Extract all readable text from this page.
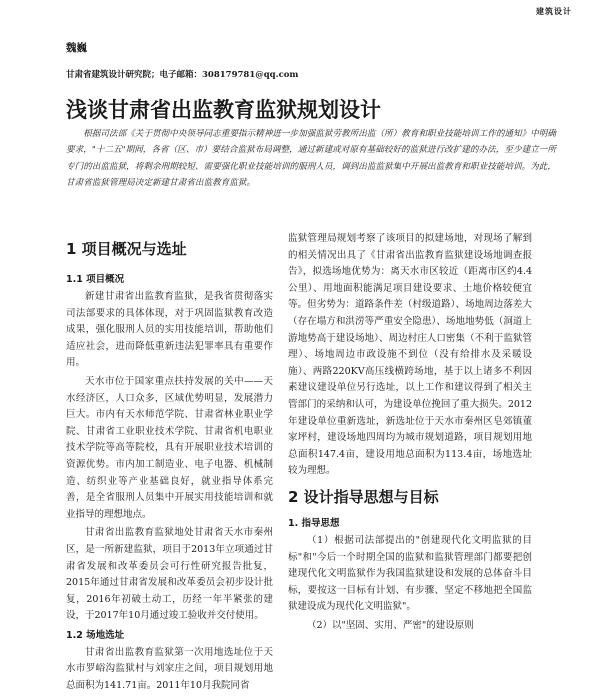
建筑设计
魏巍
甘肃省建筑设计研究院；电子邮箱：308179781@qq.com
浅谈甘肃省出监教育监狱规划设计

根据司法部《关于贯彻中央领导同志重要指示精神进一步加强监狱劳教所出监（所）教育和职业技能培训工作的通知》中明确要求，"十二五"期间，各省（区、市）要结合监狱布局调整，通过新建或对原有基础较好的监狱进行改扩建的办法，至少建立一所专门的出监监狱，将剩余刑期较短、需要强化职业技能培训的服刑人员，调到出监监狱集中开展出监教育和职业技能培训。为此，甘肃省监狱管理局决定新建甘肃省出监教育监狱。

1 项目概况与选址
1.1 项目概况

新建甘肃省出监教育监狱，是我省贯彻落实司法部要求的具体体现，对于巩固监狱教育改造成果，强化服刑人员的实用技能培训，帮助他们适应社会，进而降低重新违法犯罪率具有重要作用。

天水市位于国家重点扶持发展的关中——天水经济区，人口众多，区域优势明显，发展潜力巨大。市内有天水师范学院、甘肃省林业职业学院、甘肃省工业职业技术学院、甘肃省机电职业技术学院等高等院校，具有开展职业技术培训的资源优势。市内加工制造业、电子电器、机械制造、纺织业等产业基础良好，就业指导体系完善，是全省服刑人员集中开展实用技能培训和就业指导的理想地点。

甘肃省出监教育监狱地处甘肃省天水市秦州区，是一所新建监狱，项目于2013年立项通过甘肃省发展和改革委员会可行性研究报告批复，2015年通过甘肃省发展和改革委员会初步设计批复，2016年初破土动工，历经一年半紧张的建设，于2017年10月通过竣工验收并交付使用。

1.2 场地选址

甘肃省出监教育监狱第一次用地选址位于天水市罗峪沟监狱村与刘家庄之间，项目规划用地总面积为141.71亩。2011年10月我院同省

监狱管理局规划考察了该项目的拟建场地，对现场了解到的相关情况出具了《甘肃省出监教育监狱建设场地调查报告》，拟选场地优势为：离天水市区较近（距离市区约4.4公里）、用地面积能满足项目建设要求、土地价格较便宜等。但劣势为：道路条件差（村级道路）、场地周边落差大（存在塌方和洪涝等严重安全隐患）、场地地势低（洞道上游地势高于建设场地）、周边村庄人口密集（不利于监狱管理）、场地周边市政设施不到位（没有给排水及采暖设施）、两路220KV高压线横跨场地，基于以上诸多不利因素建议建设单位另行选址，以上工作和建议得到了相关主管部门的采纳和认可，为建设单位挽回了重大损失。2012年建设单位重新选址，新选址位于天水市秦州区皂郊镇董家坪村，建设场地四周均为城市规划道路，项目规划用地总面积147.4亩，建设用地总面积为113.4亩，场地选址较为理想。

2 设计指导思想与目标
1. 指导思想

（1）根据司法部提出的"创建现代化文明监狱的目标"和"今后一个时期全国的监狱和监狱管理部门都要把创建现代化文明监狱作为我国监狱建设和发展的总体奋斗目标，要按这一目标有计划、有步骤、坚定不移地把全国监狱建设成为现代化文明监狱"。

（2）以"坚固、实用、严密"的建设原则
